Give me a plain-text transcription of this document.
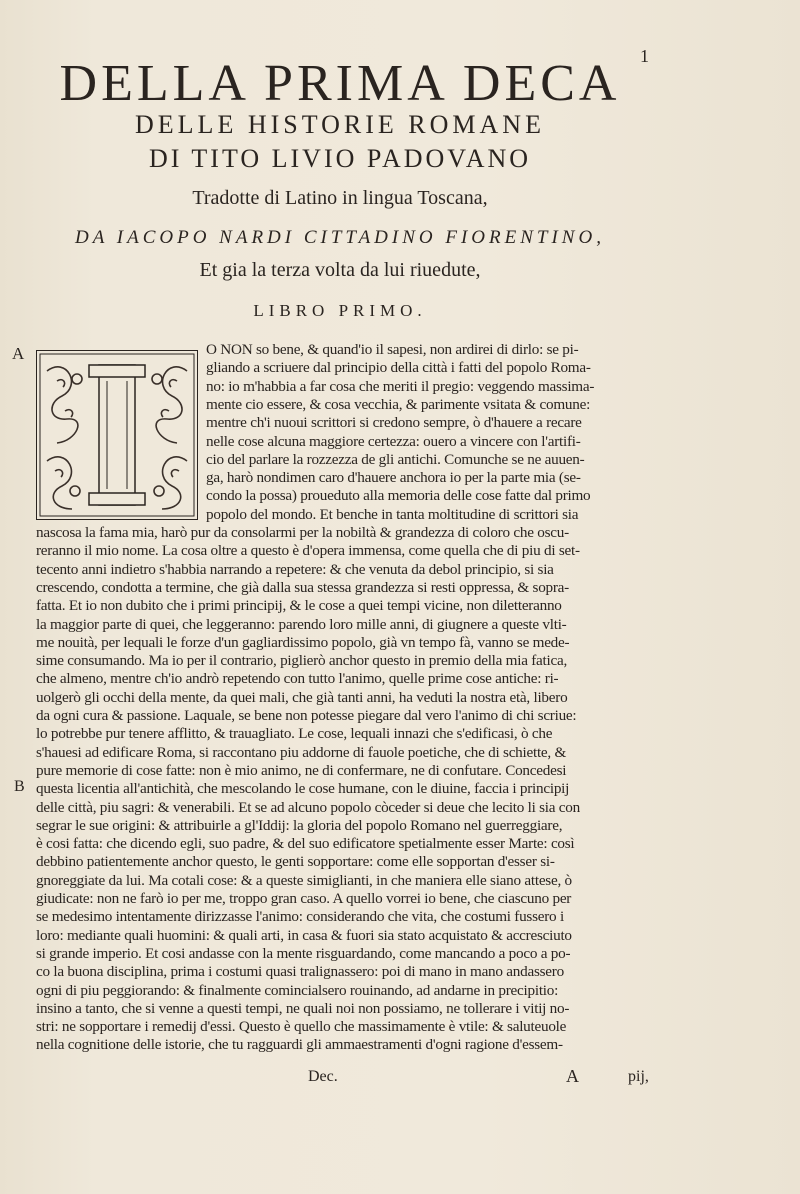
1
DELLA PRIMA DECA
DELLE HISTORIE ROMANE
DI TITO LIVIO PADOVANO
Tradotte di Latino in lingua Toscana,
DA IACOPO NARDI CITTADINO FIORENTINO,
Et gia la terza volta da lui riuedute,
LIBRO PRIMO.
A
B
O NON so bene, & quand'io il sapesi, non ardirei di dirlo: se pi-
gliando a scriuere dal principio della città i fatti del popolo Roma-
no: io m'habbia a far cosa che meriti il pregio: veggendo massima-
mente cio essere, & cosa vecchia, & parimente vsitata & comune:
mentre ch'i nuoui scrittori si credono sempre, ò d'hauere a recare
nelle cose alcuna maggiore certezza: ouero a vincere con l'artifi-
cio del parlare la rozzezza de gli antichi. Comunche se ne auuen-
ga, harò nondimen caro d'hauere anchora io per la parte mia (se-
condo la possa) proueduto alla memoria delle cose fatte dal primo
popolo del mondo. Et benche in tanta moltitudine di scrittori sia
nascosa la fama mia, harò pur da consolarmi per la nobiltà & grandezza di coloro che oscu-
reranno il mio nome. La cosa oltre a questo è d'opera immensa, come quella che di piu di set-
tecento anni indietro s'habbia narrando a repetere: & che venuta da debol principio, si sia
crescendo, condotta a termine, che già dalla sua stessa grandezza si resti oppressa, & sopra-
fatta. Et io non dubito che i primi principij, & le cose a quei tempi vicine, non diletteranno
la maggior parte di quei, che leggeranno: parendo loro mille anni, di giugnere a queste vlti-
me nouità, per lequali le forze d'un gagliardissimo popolo, già vn tempo fà, vanno se mede-
sime consumando. Ma io per il contrario, piglierò anchor questo in premio della mia fatica,
che almeno, mentre ch'io andrò repetendo con tutto l'animo, quelle prime cose antiche: ri-
uolgerò gli occhi della mente, da quei mali, che già tanti anni, ha veduti la nostra età, libero
da ogni cura & passione. Laquale, se bene non potesse piegare dal vero l'animo di chi scriue:
lo potrebbe pur tenere afflitto, & trauagliato. Le cose, lequali innazi che s'edificasi, ò che
s'hauesi ad edificare Roma, si raccontano piu addorne di fauole poetiche, che di schiette, &
pure memorie di cose fatte: non è mio animo, ne di confermare, ne di confutare. Concedesi
questa licentia all'antichità, che mescolando le cose humane, con le diuine, faccia i principij
delle città, piu sagri: & venerabili. Et se ad alcuno popolo còceder si deue che lecito li sia con
segrar le sue origini: & attribuirle a gl'Iddij: la gloria del popolo Romano nel guerreggiare,
è cosi fatta: che dicendo egli, suo padre, & del suo edificatore spetialmente esser Marte: così
debbino patientemente anchor questo, le genti sopportare: come elle sopportan d'esser si-
gnoreggiate da lui. Ma cotali cose: & a queste simiglianti, in che maniera elle siano attese, ò
giudicate: non ne farò io per me, troppo gran caso. A quello vorrei io bene, che ciascuno per
se medesimo intentamente dirizzasse l'animo: considerando che vita, che costumi fussero i
loro: mediante quali huomini: & quali arti, in casa & fuori sia stato acquistato & accresciuto
si grande imperio. Et cosi andasse con la mente risguardando, come mancando a poco a po-
co la buona disciplina, prima i costumi quasi tralignassero: poi di mano in mano andassero
ogni di piu peggiorando: & finalmente comincialsero rouinando, ad andarne in precipitio:
insino a tanto, che si venne a questi tempi, ne quali noi non possiamo, ne tollerare i vitij no-
stri: ne sopportare i remedij d'essi. Questo è quello che massimamente è vtile: & saluteuole
nella cognitione delle istorie, che tu ragguardi gli ammaestramenti d'ogni ragione d'essem-
Dec.	A	pij,
